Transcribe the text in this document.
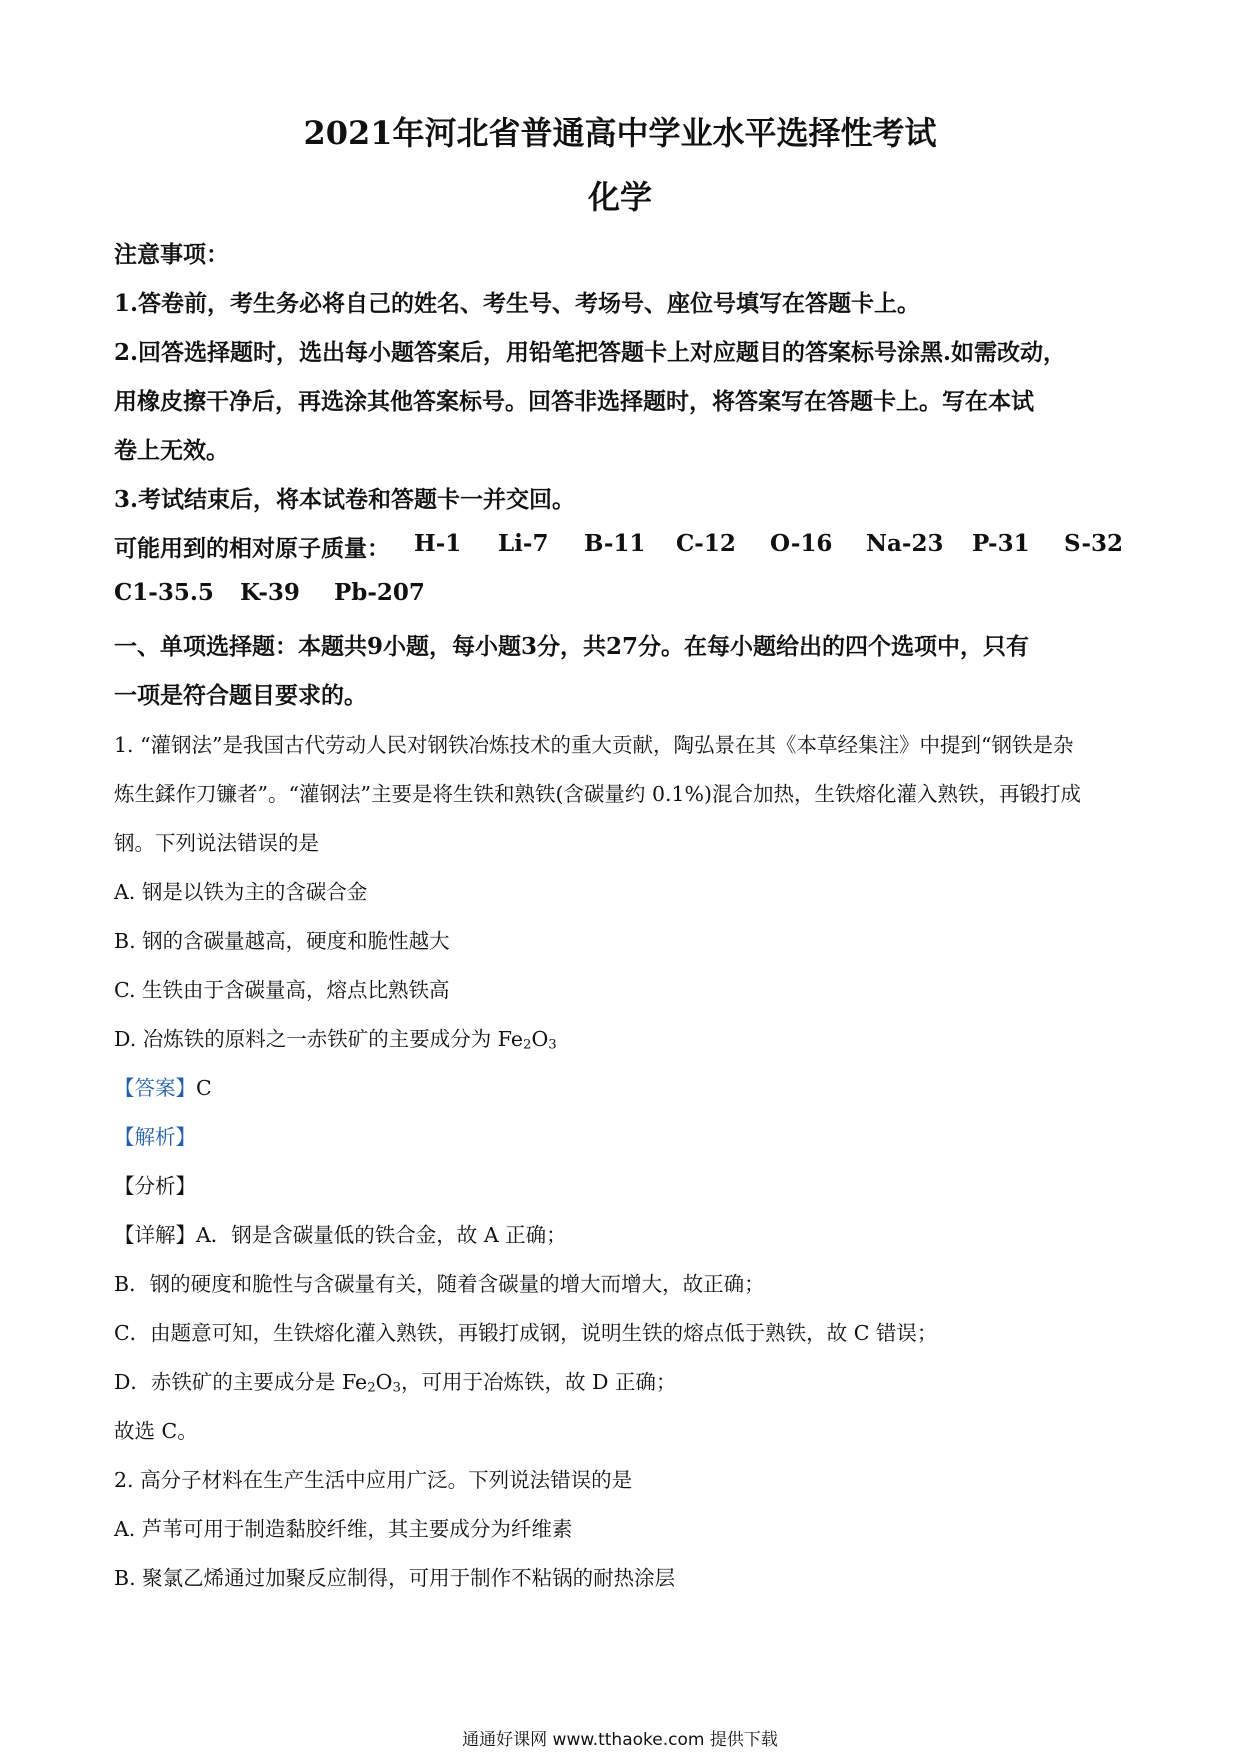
2021年河北省普通高中学业水平选择性考试
化学
注意事项：
1.答卷前，考生务必将自己的姓名、考生号、考场号、座位号填写在答题卡上。
2.回答选择题时，选出每小题答案后，用铅笔把答题卡上对应题目的答案标号涂黑.如需改动，
用橡皮擦干净后，再选涂其他答案标号。回答非选择题时，将答案写在答题卡上。写在本试
卷上无效。
3.考试结束后，将本试卷和答题卡一并交回。
可能用到的相对原子质量： H-1 Li-7 B-11 C-12 O-16 Na-23 P-31 S-32
C1-35.5 K-39 Pb-207
一、单项选择题：本题共9小题，每小题3分，共27分。在每小题给出的四个选项中，只有
一项是符合题目要求的。
1. “灌钢法”是我国古代劳动人民对钢铁冶炼技术的重大贡献，陶弘景在其《本草经集注》中提到“钢铁是杂
炼生鍒作刀镰者”。“灌钢法”主要是将生铁和熟铁(含碳量约 0.1%)混合加热，生铁熔化灌入熟铁，再锻打成
钢。下列说法错误的是
A. 钢是以铁为主的含碳合金
B. 钢的含碳量越高，硬度和脆性越大
C. 生铁由于含碳量高，熔点比熟铁高
D. 冶炼铁的原料之一赤铁矿的主要成分为 $Fe_2O_3$
【答案】C
【解析】
【分析】
【详解】A．钢是含碳量低的铁合金，故 A 正确；
B．钢的硬度和脆性与含碳量有关，随着含碳量的增大而增大，故正确；
C．由题意可知，生铁熔化灌入熟铁，再锻打成钢，说明生铁的熔点低于熟铁，故 C 错误；
D．赤铁矿的主要成分是 $Fe_2O_3$，可用于冶炼铁，故 D 正确；
故选 C。
2. 高分子材料在生产生活中应用广泛。下列说法错误的是
A. 芦苇可用于制造黏胶纤维，其主要成分为纤维素
B. 聚氯乙烯通过加聚反应制得，可用于制作不粘锅的耐热涂层
通通好课网 www.tthaoke.com 提供下载
